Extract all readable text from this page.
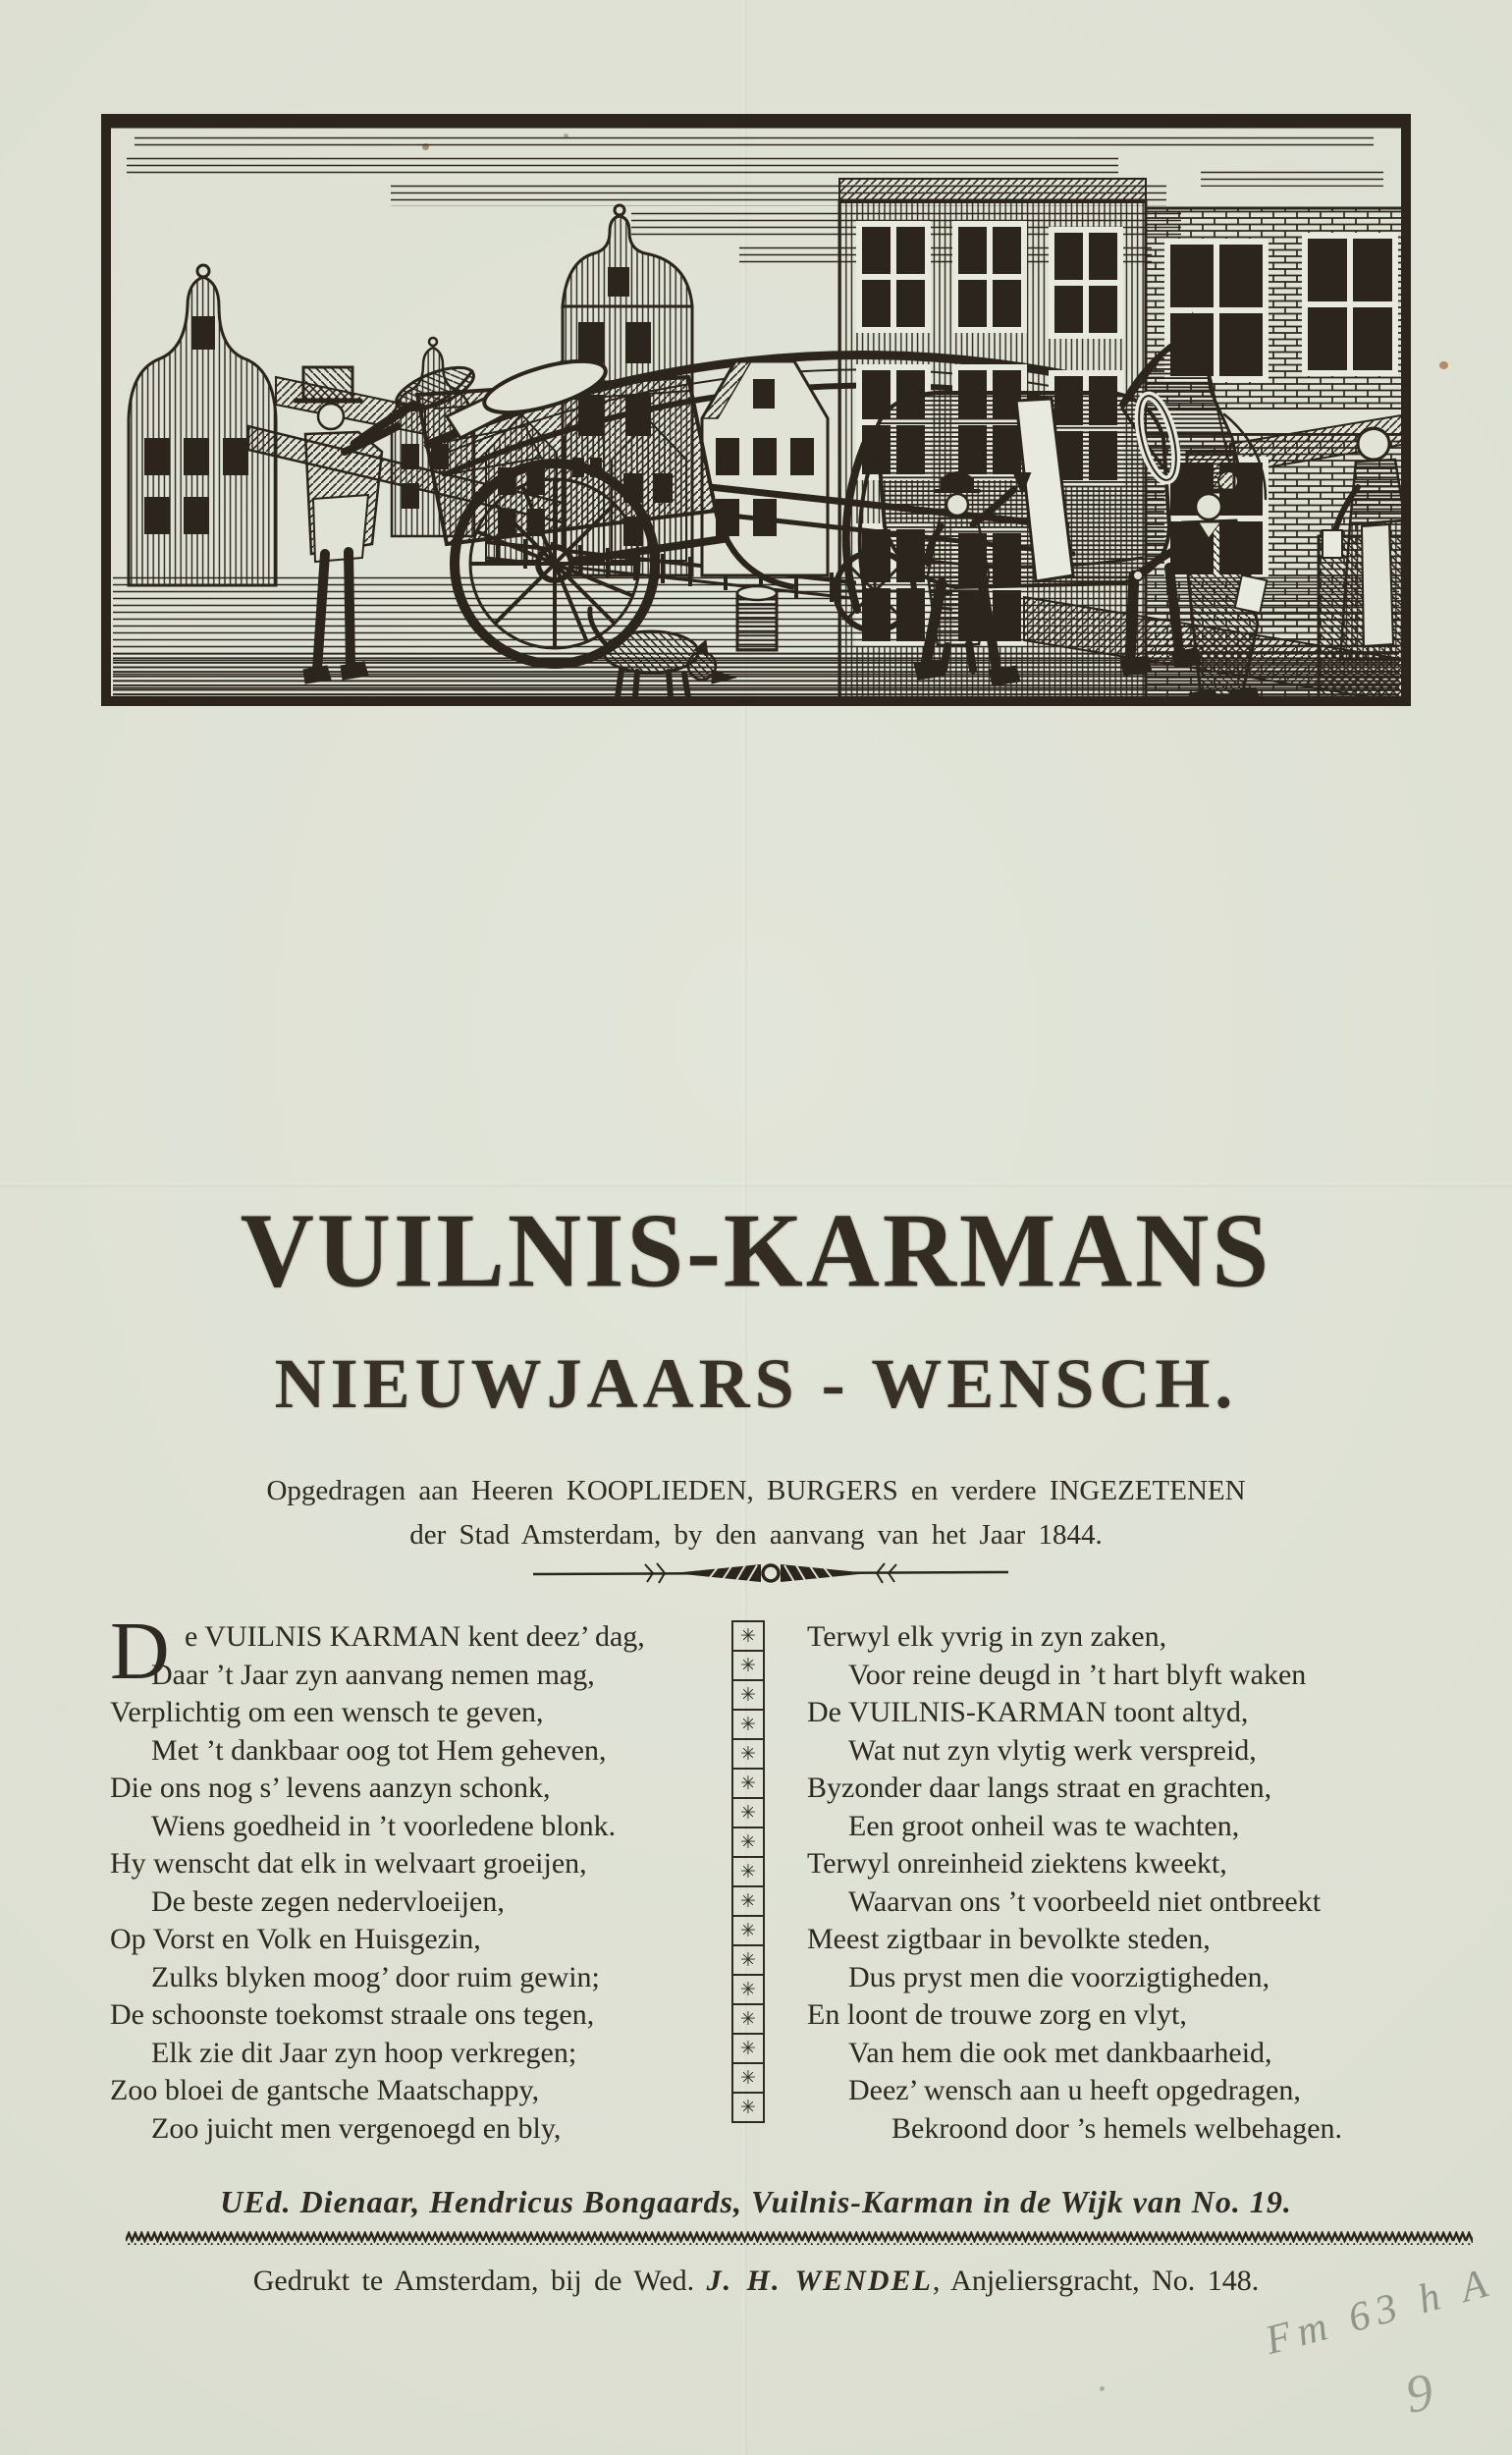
VUILNIS-KARMANS
NIEUWJAARS - WENSCH.
Opgedragen aan Heeren KOOPLIEDEN, BURGERS en verdere INGEZETENEN
der Stad Amsterdam, by den aanvang van het Jaar 1844.
D e VUILNIS KARMAN kent deez’ dag,
Daar ’t Jaar zyn aanvang nemen mag,
Verplichtig om een wensch te geven,
Met ’t dankbaar oog tot Hem geheven,
Die ons nog s’ levens aanzyn schonk,
Wiens goedheid in ’t voorledene blonk.
Hy wenscht dat elk in welvaart groeijen,
De beste zegen nedervloeijen,
Op Vorst en Volk en Huisgezin,
Zulks blyken moog’ door ruim gewin;
De schoonste toekomst straale ons tegen,
Elk zie dit Jaar zyn hoop verkregen;
Zoo bloei de gantsche Maatschappy,
Zoo juicht men vergenoegd en bly,
✳
✳
✳
✳
✳
✳
✳
✳
✳
✳
✳
✳
✳
✳
✳
✳
✳
Terwyl elk yvrig in zyn zaken,
Voor reine deugd in ’t hart blyft waken
De VUILNIS-KARMAN toont altyd,
Wat nut zyn vlytig werk verspreid,
Byzonder daar langs straat en grachten,
Een groot onheil was te wachten,
Terwyl onreinheid ziektens kweekt,
Waarvan ons ’t voorbeeld niet ontbreekt
Meest zigtbaar in bevolkte steden,
Dus pryst men die voorzigtigheden,
En loont de trouwe zorg en vlyt,
Van hem die ook met dankbaarheid,
Deez’ wensch aan u heeft opgedragen,
Bekroond door ’s hemels welbehagen.
UEd. Dienaar, Hendricus Bongaards, Vuilnis-Karman in de Wijk van No. 19.
Gedrukt te Amsterdam, bij de Wed. J. H. WENDEL, Anjeliersgracht, No. 148. Fm 63 h A
9
